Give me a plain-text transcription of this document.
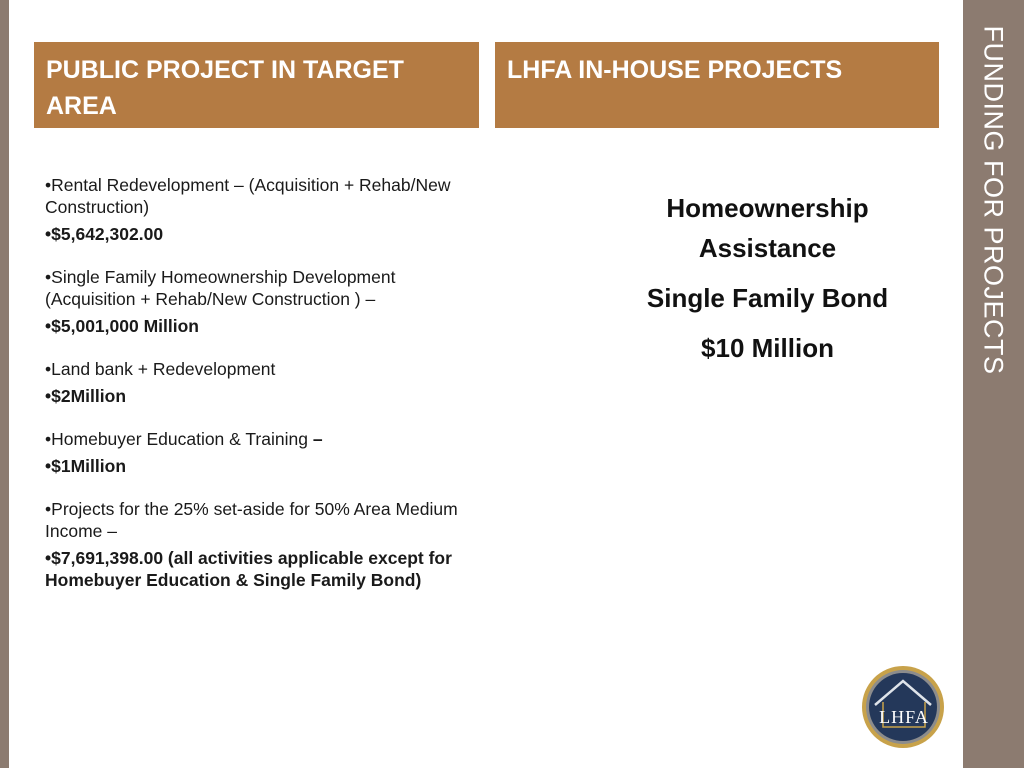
FUNDING FOR PROJECTS
PUBLIC PROJECT IN TARGET AREA
LHFA IN-HOUSE PROJECTS
•Rental Redevelopment – (Acquisition + Rehab/New Construction)
•$5,642,302.00
•Single Family Homeownership Development (Acquisition + Rehab/New Construction ) –
•$5,001,000 Million
•Land bank + Redevelopment
•$2Million
•Homebuyer Education & Training –
•$1Million
•Projects for the 25% set-aside for 50% Area Medium Income –
•$7,691,398.00 (all activities applicable except for Homebuyer Education & Single Family Bond)

Homeownership Assistance

Single Family Bond

$10 Million

LHFA
